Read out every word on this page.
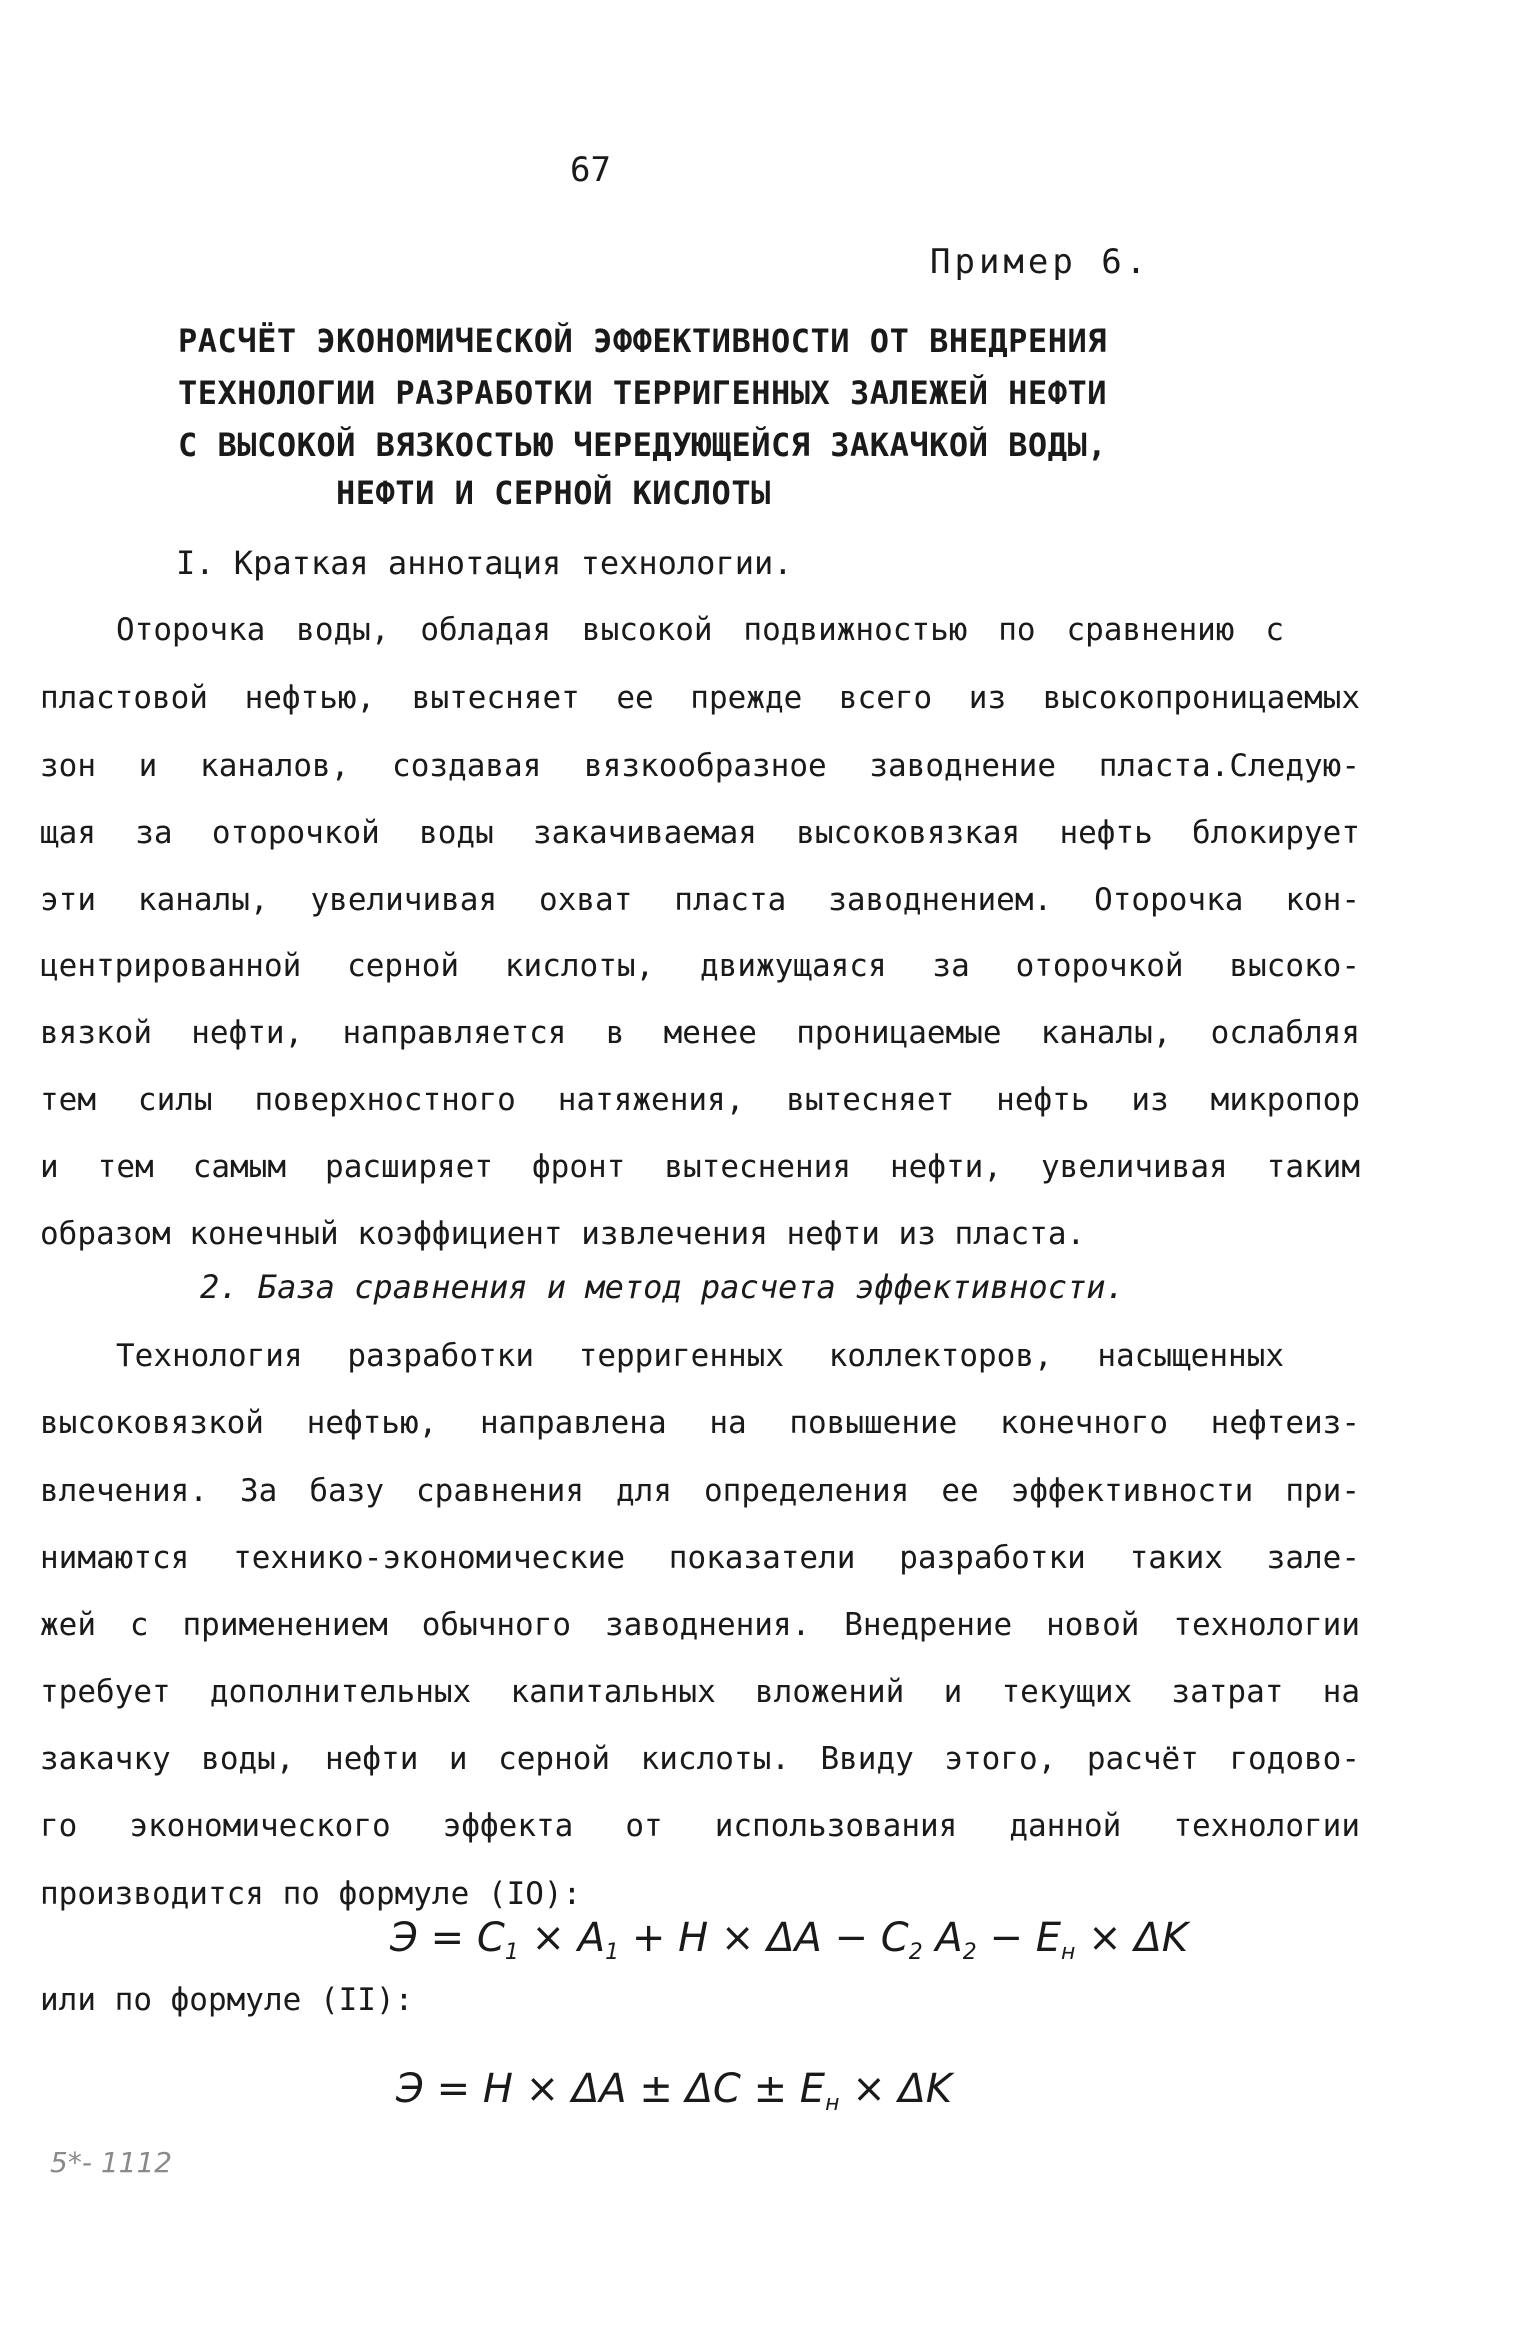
67
Пример 6.
РАСЧЁТ ЭКОНОМИЧЕСКОЙ ЭФФЕКТИВНОСТИ ОТ ВНЕДРЕНИЯ
ТЕХНОЛОГИИ РАЗРАБОТКИ ТЕРРИГЕННЫХ ЗАЛЕЖЕЙ НЕФТИ
С ВЫСОКОЙ ВЯЗКОСТЬЮ ЧЕРЕДУЮЩЕЙСЯ ЗАКАЧКОЙ ВОДЫ,
НЕФТИ И СЕРНОЙ КИСЛОТЫ
I. Краткая аннотация технологии.
Оторочка воды, обладая высокой подвижностью по сравнению с
пластовой нефтью, вытесняет ее прежде всего из высокопроницаемых
зон и каналов, создавая вязкообразное заводнение пласта.Следую-
щая за оторочкой воды закачиваемая высоковязкая нефть блокирует
эти каналы, увеличивая охват пласта заводнением. Оторочка кон-
центрированной серной кислоты, движущаяся за оторочкой высоко-
вязкой нефти, направляется в менее проницаемые каналы, ослабляя
тем силы поверхностного натяжения, вытесняет нефть из микропор
и тем самым расширяет фронт вытеснения нефти, увеличивая таким
образом конечный коэффициент извлечения нефти из пласта.
2. База сравнения и метод расчета эффективности.
Технология разработки терригенных коллекторов, насыщенных
высоковязкой нефтью, направлена на повышение конечного нефтеиз-
влечения. За базу сравнения для определения ее эффективности при-
нимаются технико-экономические показатели разработки таких зале-
жей с применением обычного заводнения. Внедрение новой технологии
требует дополнительных капитальных вложений и текущих затрат на
закачку воды, нефти и серной кислоты. Ввиду этого, расчёт годово-
го экономического эффекта от использования данной технологии
производится по формуле (IO):
$Э = C_1 \times A_1 + H \times \Delta A - C_2$ $A_2 - E_н \times \Delta K$
или по формуле (II):
$Э = H \times \Delta A \pm \Delta C \pm E_н \times \Delta K$
5*- 1112
